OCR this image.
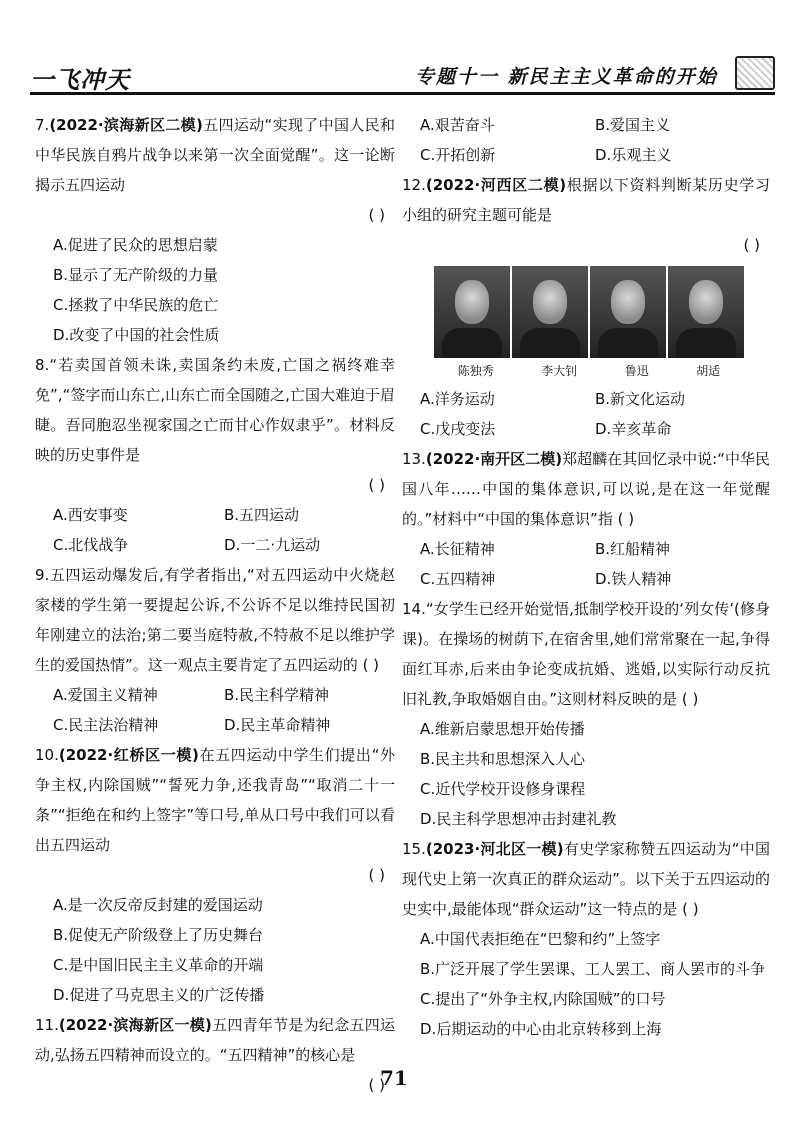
一飞冲天	专题十一 新民主主义革命的开始
7.(2022·滨海新区二模)五四运动“实现了中国人民和中华民族自鸦片战争以来第一次全面觉醒”。这一论断揭示五四运动
( )
A.促进了民众的思想启蒙
B.显示了无产阶级的力量
C.拯救了中华民族的危亡
D.改变了中国的社会性质
8.“若卖国首领未诛,卖国条约未废,亡国之祸终难幸免”,“签字而山东亡,山东亡而全国随之,亡国大难迫于眉睫。吾同胞忍坐视家国之亡而甘心作奴隶乎”。材料反映的历史事件是
( )
A.西安事变	B.五四运动
C.北伐战争	D.一二·九运动
9.五四运动爆发后,有学者指出,“对五四运动中火烧赵家楼的学生第一要提起公诉,不公诉不足以维持民国初年刚建立的法治;第二要当庭特赦,不特赦不足以维护学生的爱国热情”。这一观点主要肯定了五四运动的 ( )
A.爱国主义精神	B.民主科学精神
C.民主法治精神	D.民主革命精神
10.(2022·红桥区一模)在五四运动中学生们提出“外争主权,内除国贼”“誓死力争,还我青岛”“取消二十一条”“拒绝在和约上签字”等口号,单从口号中我们可以看出五四运动
( )
A.是一次反帝反封建的爱国运动
B.促使无产阶级登上了历史舞台
C.是中国旧民主主义革命的开端
D.促进了马克思主义的广泛传播
11.(2022·滨海新区一模)五四青年节是为纪念五四运动,弘扬五四精神而设立的。“五四精神”的核心是
( )
A.艰苦奋斗	B.爱国主义
C.开拓创新	D.乐观主义
12.(2022·河西区二模)根据以下资料判断某历史学习小组的研究主题可能是
( )
陈独秀	李大钊	鲁迅	胡适
A.洋务运动	B.新文化运动
C.戊戌变法	D.辛亥革命
13.(2022·南开区二模)郑超麟在其回忆录中说:“中华民国八年……中国的集体意识,可以说,是在这一年觉醒的。”材料中“中国的集体意识”指 ( )
A.长征精神	B.红船精神
C.五四精神	D.铁人精神
14.“女学生已经开始觉悟,抵制学校开设的‘列女传’(修身课)。在操场的树荫下,在宿舍里,她们常常聚在一起,争得面红耳赤,后来由争论变成抗婚、逃婚,以实际行动反抗旧礼教,争取婚姻自由。”这则材料反映的是 ( )
A.维新启蒙思想开始传播
B.民主共和思想深入人心
C.近代学校开设修身课程
D.民主科学思想冲击封建礼教
15.(2023·河北区一模)有史学家称赞五四运动为“中国现代史上第一次真正的群众运动”。以下关于五四运动的史实中,最能体现“群众运动”这一特点的是 ( )
A.中国代表拒绝在“巴黎和约”上签字
B.广泛开展了学生罢课、工人罢工、商人罢市的斗争
C.提出了“外争主权,内除国贼”的口号
D.后期运动的中心由北京转移到上海
71
